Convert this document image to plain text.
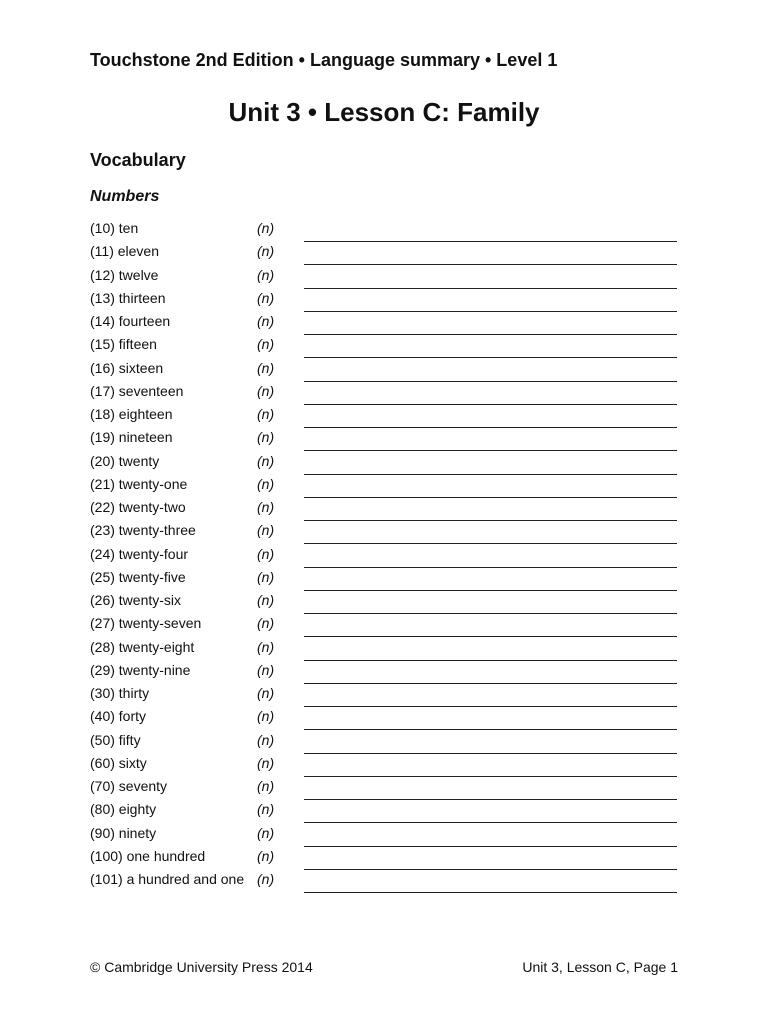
Touchstone 2nd Edition • Language summary • Level 1
Unit 3 • Lesson C: Family
Vocabulary
Numbers
(10) ten	(n)
(11) eleven	(n)
(12) twelve	(n)
(13) thirteen	(n)
(14) fourteen	(n)
(15) fifteen	(n)
(16) sixteen	(n)
(17) seventeen	(n)
(18) eighteen	(n)
(19) nineteen	(n)
(20) twenty	(n)
(21) twenty-one	(n)
(22) twenty-two	(n)
(23) twenty-three	(n)
(24) twenty-four	(n)
(25) twenty-five	(n)
(26) twenty-six	(n)
(27) twenty-seven	(n)
(28) twenty-eight	(n)
(29) twenty-nine	(n)
(30) thirty	(n)
(40) forty	(n)
(50) fifty	(n)
(60) sixty	(n)
(70) seventy	(n)
(80) eighty	(n)
(90) ninety	(n)
(100) one hundred	(n)
(101) a hundred and one (n)
© Cambridge University Press 2014	Unit 3, Lesson C, Page 1
